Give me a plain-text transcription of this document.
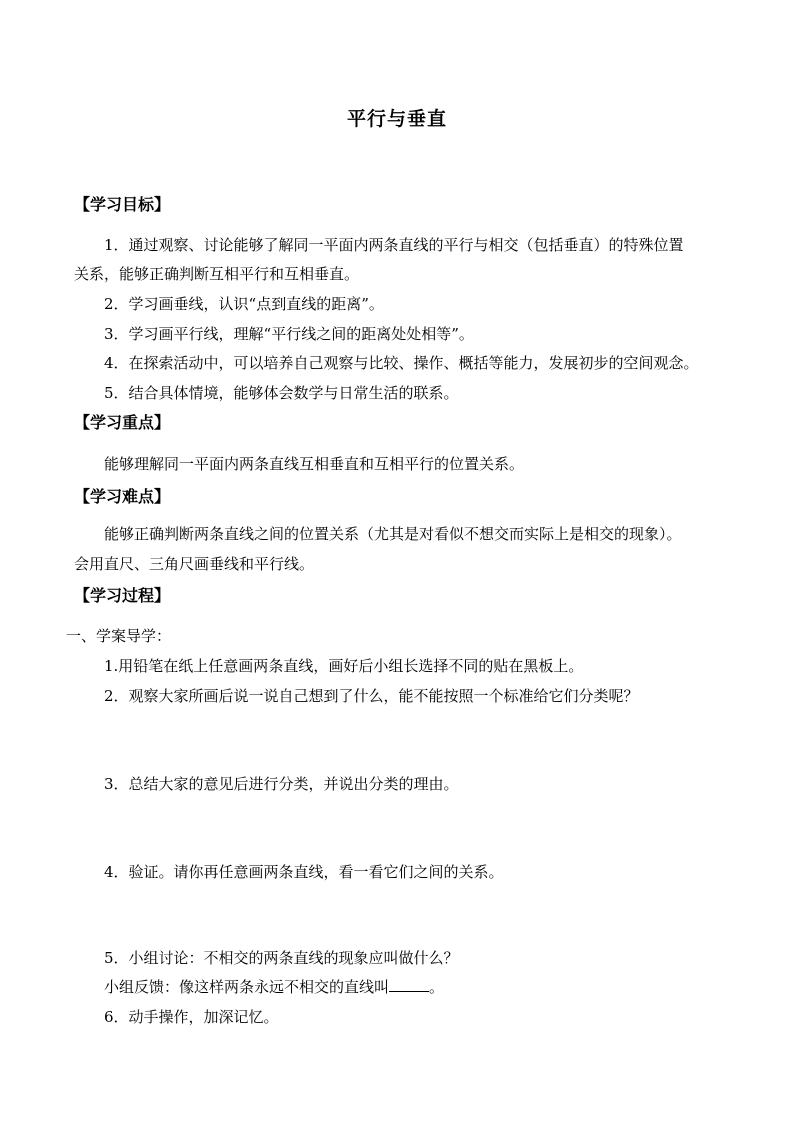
平行与垂直
【学习目标】
1．通过观察、讨论能够了解同一平面内两条直线的平行与相交（包括垂直）的特殊位置
关系，能够正确判断互相平行和互相垂直。
2．学习画垂线，认识“点到直线的距离”。
3．学习画平行线，理解“平行线之间的距离处处相等”。
4．在探索活动中，可以培养自己观察与比较、操作、概括等能力，发展初步的空间观念。
5．结合具体情境，能够体会数学与日常生活的联系。
【学习重点】
能够理解同一平面内两条直线互相垂直和互相平行的位置关系。
【学习难点】
能够正确判断两条直线之间的位置关系（尤其是对看似不想交而实际上是相交的现象）。
会用直尺、三角尺画垂线和平行线。
【学习过程】
一、学案导学：
1.用铅笔在纸上任意画两条直线，画好后小组长选择不同的贴在黑板上。
2．观察大家所画后说一说自己想到了什么，能不能按照一个标准给它们分类呢？
3．总结大家的意见后进行分类，并说出分类的理由。
4．验证。请你再任意画两条直线，看一看它们之间的关系。
5．小组讨论：不相交的两条直线的现象应叫做什么？
小组反馈：像这样两条永远不相交的直线叫	。
6．动手操作，加深记忆。
